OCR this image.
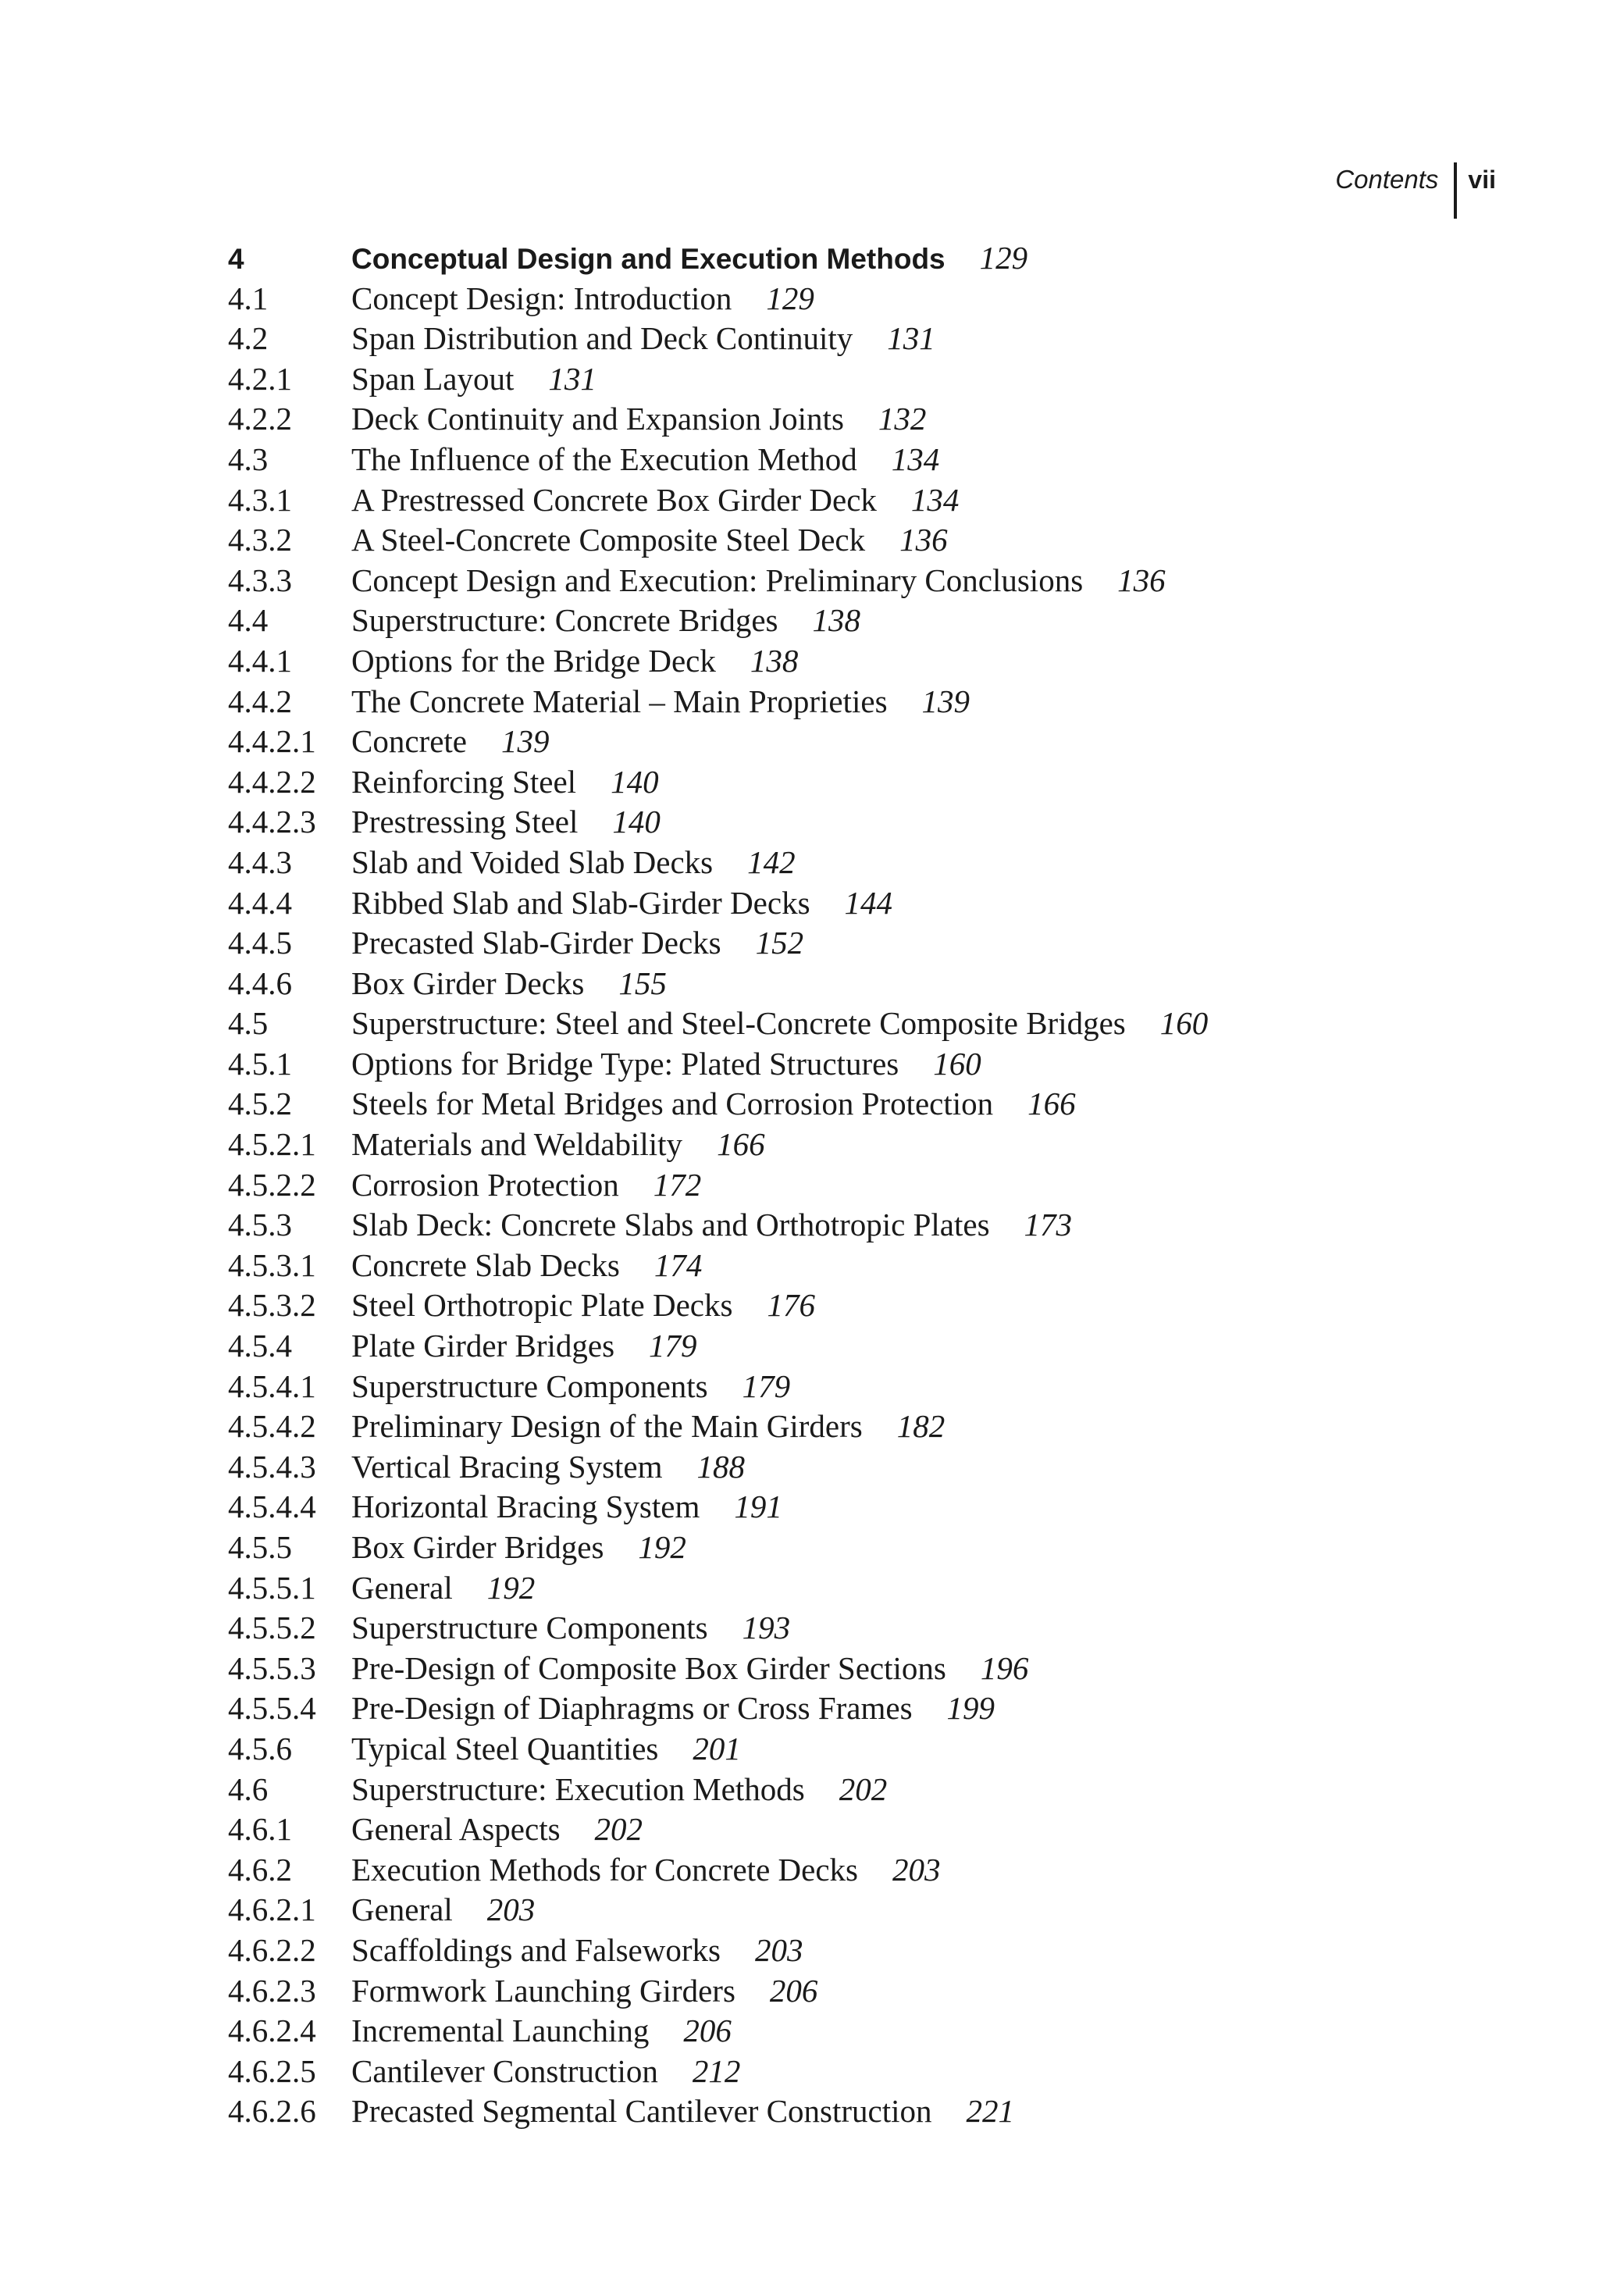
Contents vii
4	Conceptual Design and Execution Methods 129
4.1	Concept Design: Introduction 129
4.2	Span Distribution and Deck Continuity 131
4.2.1	Span Layout 131
4.2.2	Deck Continuity and Expansion Joints 132
4.3	The Influence of the Execution Method 134
4.3.1	A Prestressed Concrete Box Girder Deck 134
4.3.2	A Steel-Concrete Composite Steel Deck 136
4.3.3	Concept Design and Execution: Preliminary Conclusions 136
4.4	Superstructure: Concrete Bridges 138
4.4.1	Options for the Bridge Deck 138
4.4.2	The Concrete Material – Main Proprieties 139
4.4.2.1	Concrete 139
4.4.2.2	Reinforcing Steel 140
4.4.2.3	Prestressing Steel 140
4.4.3	Slab and Voided Slab Decks 142
4.4.4	Ribbed Slab and Slab-Girder Decks 144
4.4.5	Precasted Slab-Girder Decks 152
4.4.6	Box Girder Decks 155
4.5	Superstructure: Steel and Steel-Concrete Composite Bridges 160
4.5.1	Options for Bridge Type: Plated Structures 160
4.5.2	Steels for Metal Bridges and Corrosion Protection 166
4.5.2.1	Materials and Weldability 166
4.5.2.2	Corrosion Protection 172
4.5.3	Slab Deck: Concrete Slabs and Orthotropic Plates 173
4.5.3.1	Concrete Slab Decks 174
4.5.3.2	Steel Orthotropic Plate Decks 176
4.5.4	Plate Girder Bridges 179
4.5.4.1	Superstructure Components 179
4.5.4.2	Preliminary Design of the Main Girders 182
4.5.4.3	Vertical Bracing System 188
4.5.4.4	Horizontal Bracing System 191
4.5.5	Box Girder Bridges 192
4.5.5.1	General 192
4.5.5.2	Superstructure Components 193
4.5.5.3	Pre-Design of Composite Box Girder Sections 196
4.5.5.4	Pre-Design of Diaphragms or Cross Frames 199
4.5.6	Typical Steel Quantities 201
4.6	Superstructure: Execution Methods 202
4.6.1	General Aspects 202
4.6.2	Execution Methods for Concrete Decks 203
4.6.2.1	General 203
4.6.2.2	Scaffoldings and Falseworks 203
4.6.2.3	Formwork Launching Girders 206
4.6.2.4	Incremental Launching 206
4.6.2.5	Cantilever Construction 212
4.6.2.6	Precasted Segmental Cantilever Construction 221
